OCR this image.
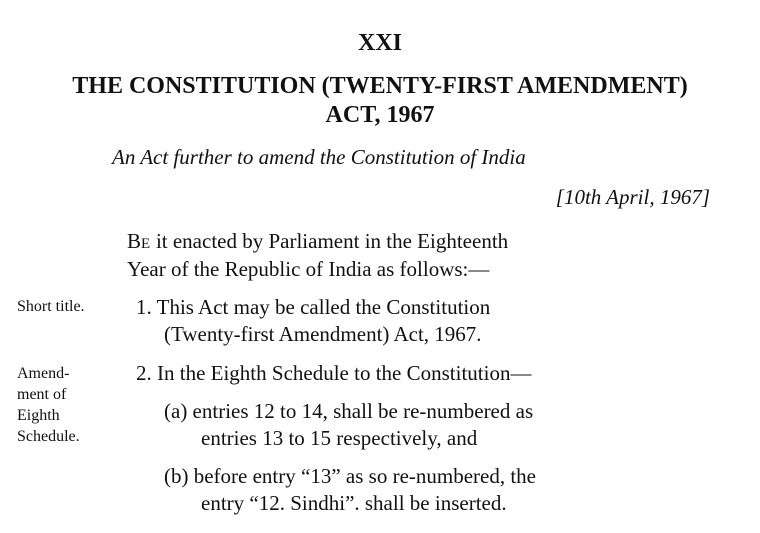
XXI
THE CONSTITUTION (TWENTY-FIRST AMENDMENT)
ACT, 1967
An Act further to amend the Constitution of India
[10th April, 1967]
BE it enacted by Parliament in the Eighteenth
Year of the Republic of India as follows:—
Short title. 1. This Act may be called the Constitution
(Twenty-first Amendment) Act, 1967.
Amend-
ment of
Eighth
Schedule.
2. In the Eighth Schedule to the Constitution—
(a) entries 12 to 14, shall be re-numbered as
entries 13 to 15 respectively, and
(b) before entry “13” as so re-numbered, the
entry “12. Sindhi”. shall be inserted.
